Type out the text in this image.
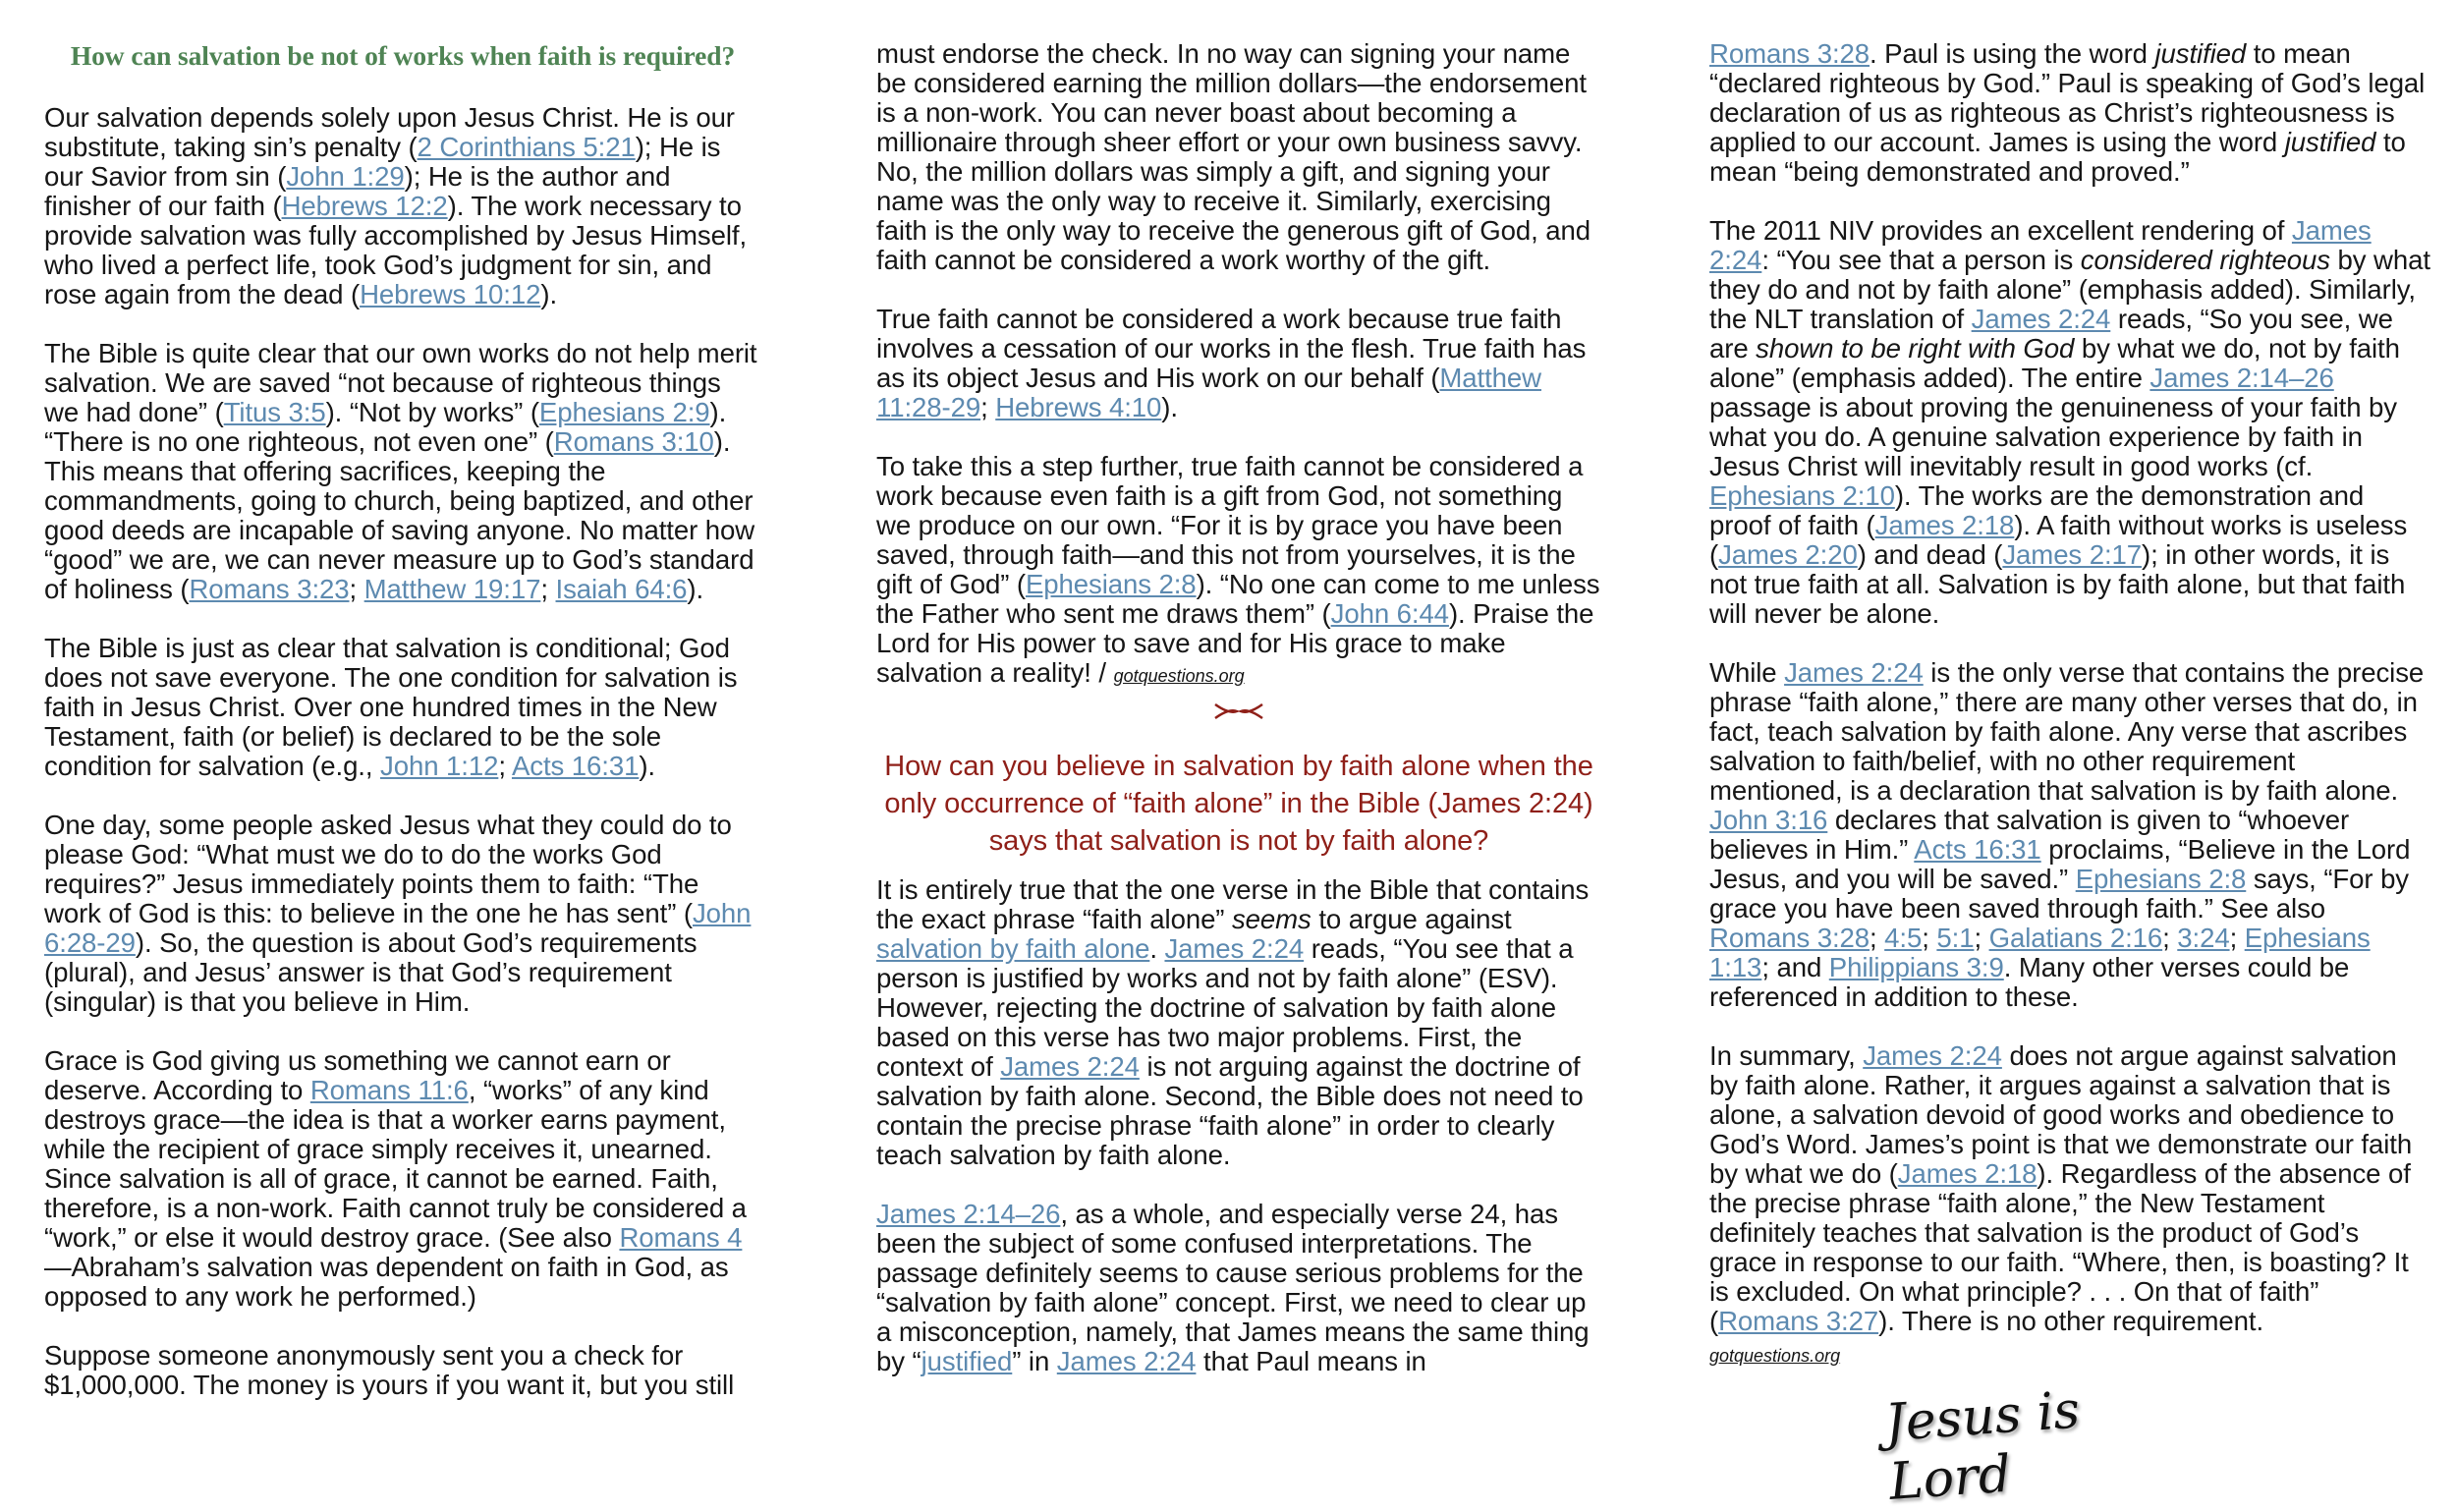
How can salvation be not of works when faith is required?

Our salvation depends solely upon Jesus Christ. He is our substitute, taking sin’s penalty (2 Corinthians 5:21); He is our Savior from sin (John 1:29); He is the author and finisher of our faith (Hebrews 12:2). The work necessary to provide salvation was fully accomplished by Jesus Himself, who lived a perfect life, took God’s judgment for sin, and rose again from the dead (Hebrews 10:12).

The Bible is quite clear that our own works do not help merit salvation. We are saved “not because of righteous things we had done” (Titus 3:5). “Not by works” (Ephesians 2:9). “There is no one righteous, not even one” (Romans 3:10). This means that offering sacrifices, keeping the commandments, going to church, being baptized, and other good deeds are incapable of saving anyone. No matter how “good” we are, we can never measure up to God’s standard of holiness (Romans 3:23; Matthew 19:17; Isaiah 64:6).

The Bible is just as clear that salvation is conditional; God does not save everyone. The one condition for salvation is faith in Jesus Christ. Over one hundred times in the New Testament, faith (or belief) is declared to be the sole condition for salvation (e.g., John 1:12; Acts 16:31).

One day, some people asked Jesus what they could do to please God: “What must we do to do the works God requires?” Jesus immediately points them to faith: “The work of God is this: to believe in the one he has sent” (John 6:28-29). So, the question is about God’s requirements (plural), and Jesus’ answer is that God’s requirement (singular) is that you believe in Him.

Grace is God giving us something we cannot earn or deserve. According to Romans 11:6, “works” of any kind destroys grace—the idea is that a worker earns payment, while the recipient of grace simply receives it, unearned. Since salvation is all of grace, it cannot be earned. Faith, therefore, is a non-work. Faith cannot truly be considered a “work,” or else it would destroy grace. (See also Romans 4—Abraham’s salvation was dependent on faith in God, as opposed to any work he performed.)

Suppose someone anonymously sent you a check for $1,000,000. The money is yours if you want it, but you still

must endorse the check. In no way can signing your name be considered earning the million dollars—the endorsement is a non-work. You can never boast about becoming a millionaire through sheer effort or your own business savvy. No, the million dollars was simply a gift, and signing your name was the only way to receive it. Similarly, exercising faith is the only way to receive the generous gift of God, and faith cannot be considered a work worthy of the gift.

True faith cannot be considered a work because true faith involves a cessation of our works in the flesh. True faith has as its object Jesus and His work on our behalf (Matthew 11:28-29; Hebrews 4:10).

To take this a step further, true faith cannot be considered a work because even faith is a gift from God, not something we produce on our own. “For it is by grace you have been saved, through faith—and this not from yourselves, it is the gift of God” (Ephesians 2:8). “No one can come to me unless the Father who sent me draws them” (John 6:44). Praise the Lord for His power to save and for His grace to make salvation a reality! / gotquestions.org

How can you believe in salvation by faith alone when the only occurrence of “faith alone” in the Bible (James 2:24) says that salvation is not by faith alone?

It is entirely true that the one verse in the Bible that contains the exact phrase “faith alone” seems to argue against salvation by faith alone. James 2:24 reads, “You see that a person is justified by works and not by faith alone” (ESV). However, rejecting the doctrine of salvation by faith alone based on this verse has two major problems. First, the context of James 2:24 is not arguing against the doctrine of salvation by faith alone. Second, the Bible does not need to contain the precise phrase “faith alone” in order to clearly teach salvation by faith alone.

James 2:14–26, as a whole, and especially verse 24, has been the subject of some confused interpretations. The passage definitely seems to cause serious problems for the “salvation by faith alone” concept. First, we need to clear up a misconception, namely, that James means the same thing by “justified” in James 2:24 that Paul means in

Romans 3:28. Paul is using the word justified to mean “declared righteous by God.” Paul is speaking of God’s legal declaration of us as righteous as Christ’s righteousness is applied to our account. James is using the word justified to mean “being demonstrated and proved.”

The 2011 NIV provides an excellent rendering of James 2:24: “You see that a person is considered righteous by what they do and not by faith alone” (emphasis added). Similarly, the NLT translation of James 2:24 reads, “So you see, we are shown to be right with God by what we do, not by faith alone” (emphasis added). The entire James 2:14–26 passage is about proving the genuineness of your faith by what you do. A genuine salvation experience by faith in Jesus Christ will inevitably result in good works (cf. Ephesians 2:10). The works are the demonstration and proof of faith (James 2:18). A faith without works is useless (James 2:20) and dead (James 2:17); in other words, it is not true faith at all. Salvation is by faith alone, but that faith will never be alone.

While James 2:24 is the only verse that contains the precise phrase “faith alone,” there are many other verses that do, in fact, teach salvation by faith alone. Any verse that ascribes salvation to faith/belief, with no other requirement mentioned, is a declaration that salvation is by faith alone. John 3:16 declares that salvation is given to “whoever believes in Him.” Acts 16:31 proclaims, “Believe in the Lord Jesus, and you will be saved.” Ephesians 2:8 says, “For by grace you have been saved through faith.” See also Romans 3:28; 4:5; 5:1; Galatians 2:16; 3:24; Ephesians 1:13; and Philippians 3:9. Many other verses could be referenced in addition to these.

In summary, James 2:24 does not argue against salvation by faith alone. Rather, it argues against a salvation that is alone, a salvation devoid of good works and obedience to God’s Word. James’s point is that we demonstrate our faith by what we do (James 2:18). Regardless of the absence of the precise phrase “faith alone,” the New Testament definitely teaches that salvation is the product of God’s grace in response to our faith. “Where, then, is boasting? It is excluded. On what principle? . . . On that of faith” (Romans 3:27). There is no other requirement.

gotquestions.org
Jesus is Lord
